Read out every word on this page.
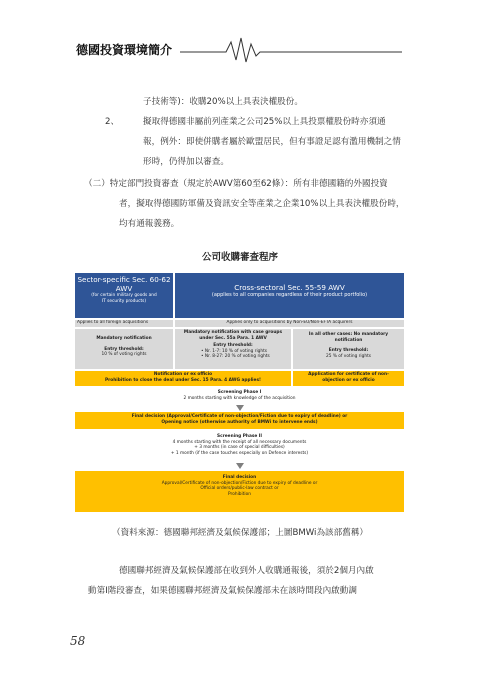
德國投資環境簡介
子技術等)：收購20%以上具表決權股份。
2、	擬取得德國非屬前列產業之公司25%以上具投票權股份時亦須通
報，例外：即使併購者屬於歐盟居民，但有事證足認有濫用機制之情
形時，仍得加以審查。
（二）特定部門投資審查（規定於AWV第60至62條）：所有非德國籍的外國投資
者，擬取得德國防軍備及資訊安全等產業之企業10%以上具表決權股份時，
均有通報義務。
公司收購審查程序
Sector-specific Sec. 60-62
AWV
(for certain military goods and
IT security products)
Cross-sectoral Sec. 55-59 AWV
(applies to all companies regardless of their product portfolio)
Applies to all foreign acquisitions	Applies only to acquisitions by Non-EU/Non-EFTA acquirers
Mandatory notification
Entry threshold:
10 % of voting rights
Mandatory notification with case groups
under Sec. 55a Para. 1 AWV
Entry threshold:
• Nr. 1-7: 10 % of voting rights
• Nr. 8-27: 20 % of voting rights
In all other cases: No mandatory
notification
Entry threshold:
25 % of voting rights
Notification or ex officio
Prohibition to close the deal under Sec. 15 Para. 4 AWG applies!
Application for certificate of non-
objection or ex officio
Screening Phase I
2 months starting with knowledge of the acquisition
Final decision (Approval/Certificate of non-objection/Fiction due to expiry of deadline) or
Opening notice (otherwise authority of BMWi to intervene ends)
Screening Phase II
4 months starting with the receipt of all necessary documents
+ 3 months (in case of special difficulties)
+ 1 month (if the case touches especially on Defence interests)
Final decision
Approval/Certificate of non-objection/Fiction due to expiry of deadline or
Official orders/public-law contract or
Prohibition
（資料來源：德國聯邦經濟及氣候保護部；上圖BMWi為該部舊稱）
德國聯邦經濟及氣候保護部在收到外人收購通報後，須於2個月內啟
動第I階段審查，如果德國聯邦經濟及氣候保護部未在該時間段內啟動調
58
